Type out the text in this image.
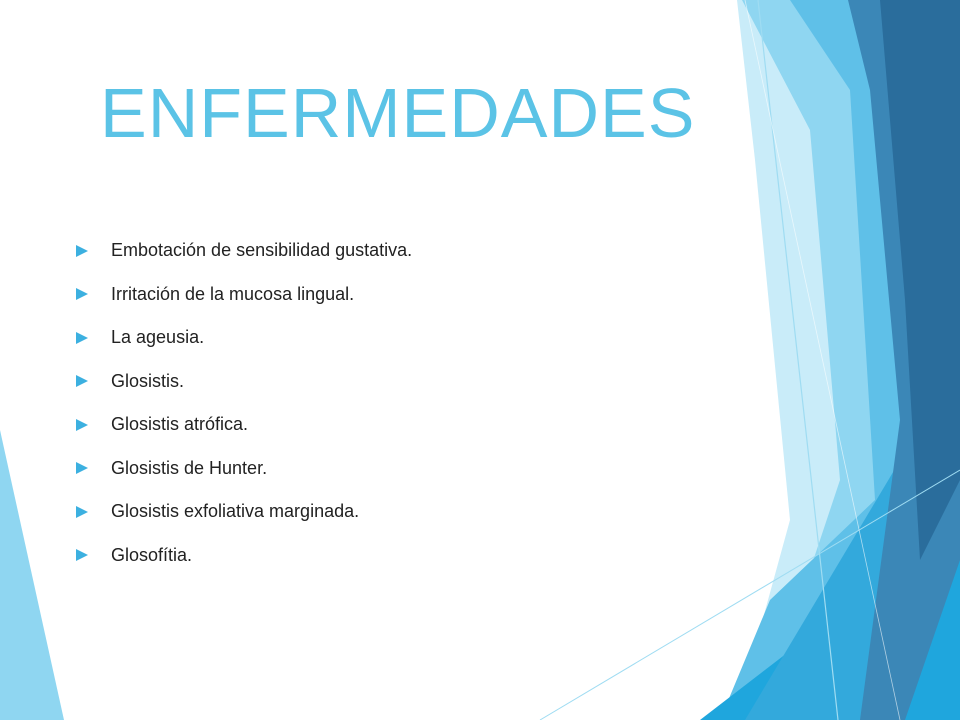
ENFERMEDADES
Embotación de sensibilidad gustativa.
Irritación de la mucosa lingual.
La ageusia.
Glosistis.
Glosistis atrófica.
Glosistis de Hunter.
Glosistis exfoliativa marginada.
Glosofítia.
